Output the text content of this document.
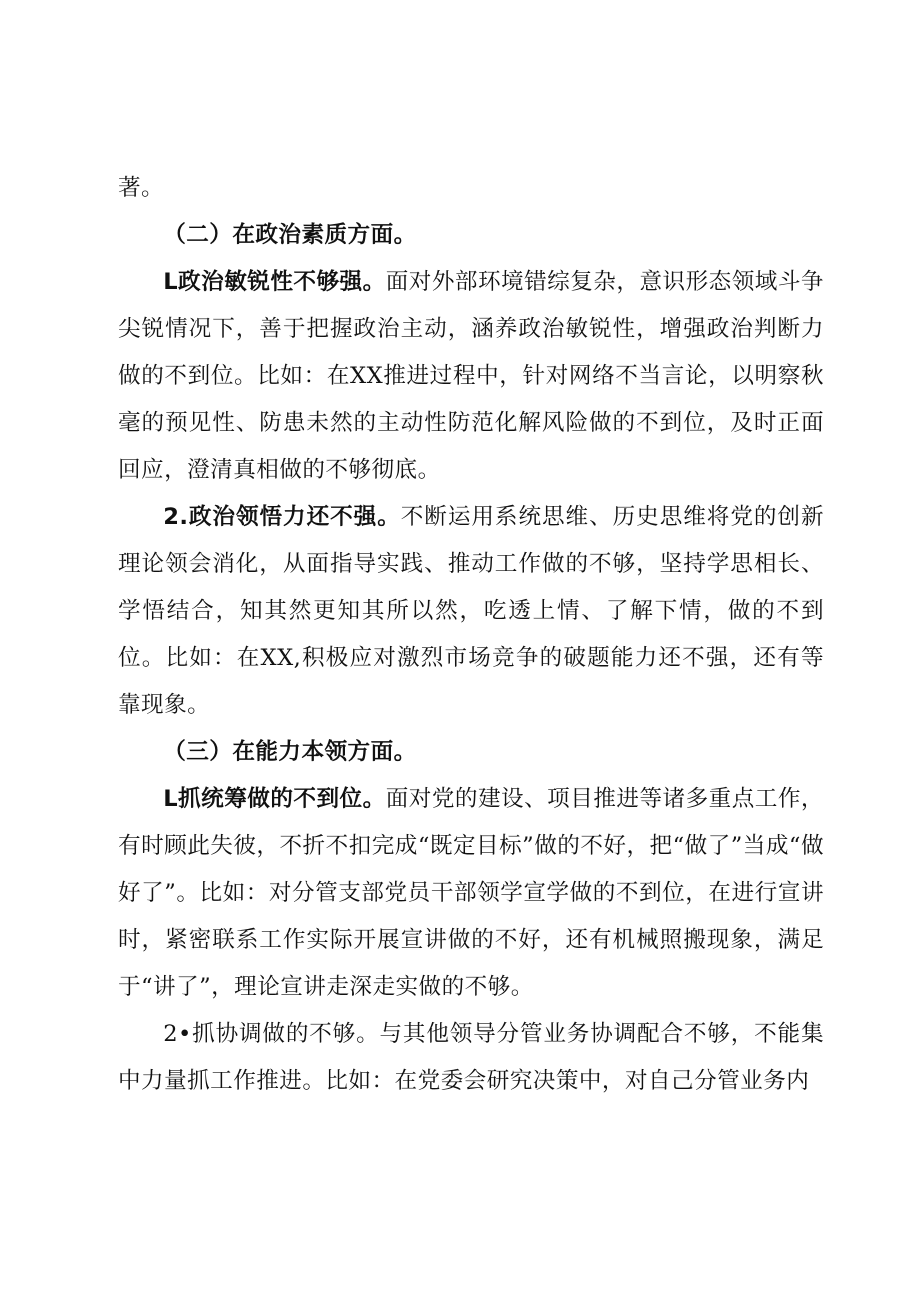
著。

（二）在政治素质方面。

L政治敏锐性不够强。面对外部环境错综复杂，意识形态领域斗争尖锐情况下，善于把握政治主动，涵养政治敏锐性，增强政治判断力做的不到位。比如：在XX推进过程中，针对网络不当言论，以明察秋毫的预见性、防患未然的主动性防范化解风险做的不到位，及时正面回应，澄清真相做的不够彻底。

2.政治领悟力还不强。不断运用系统思维、历史思维将党的创新理论领会消化，从面指导实践、推动工作做的不够，坚持学思相长、学悟结合，知其然更知其所以然，吃透上情、了解下情，做的不到位。比如：在XX,积极应对激烈市场竞争的破题能力还不强，还有等靠现象。

（三）在能力本领方面。

L抓统筹做的不到位。面对党的建设、项目推进等诸多重点工作，有时顾此失彼，不折不扣完成“既定目标”做的不好，把“做了”当成“做好了”。比如：对分管支部党员干部领学宣学做的不到位，在进行宣讲时，紧密联系工作实际开展宣讲做的不好，还有机械照搬现象，满足于“讲了”，理论宣讲走深走实做的不够。

2•抓协调做的不够。与其他领导分管业务协调配合不够，不能集中力量抓工作推进。比如：在党委会研究决策中，对自己分管业务内
